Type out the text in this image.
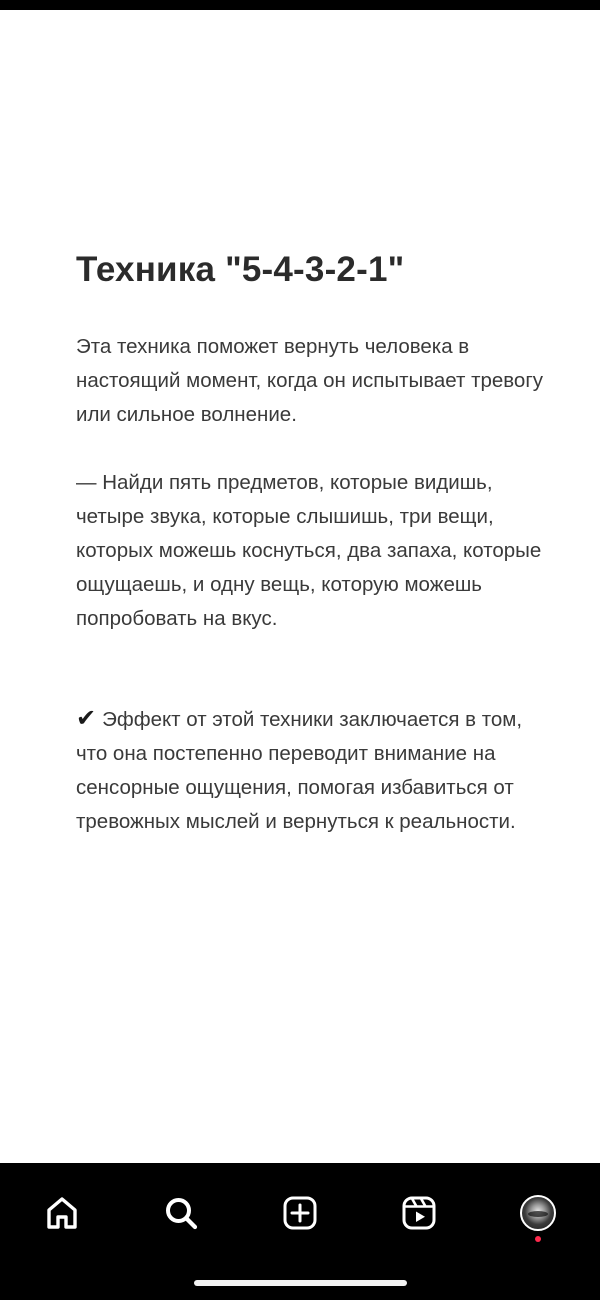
Техника "5-4-3-2-1"

Эта техника поможет вернуть человека в настоящий момент, когда он испытывает тревогу или сильное волнение.

— Найди пять предметов, которые видишь, четыре звука, которые слышишь, три вещи, которых можешь коснуться, два запаха, которые ощущаешь, и одну вещь, которую можешь попробовать на вкус.

✔ Эффект от этой техники заключается в том, что она постепенно переводит внимание на сенсорные ощущения, помогая избавиться от тревожных мыслей и вернуться к реальности.
